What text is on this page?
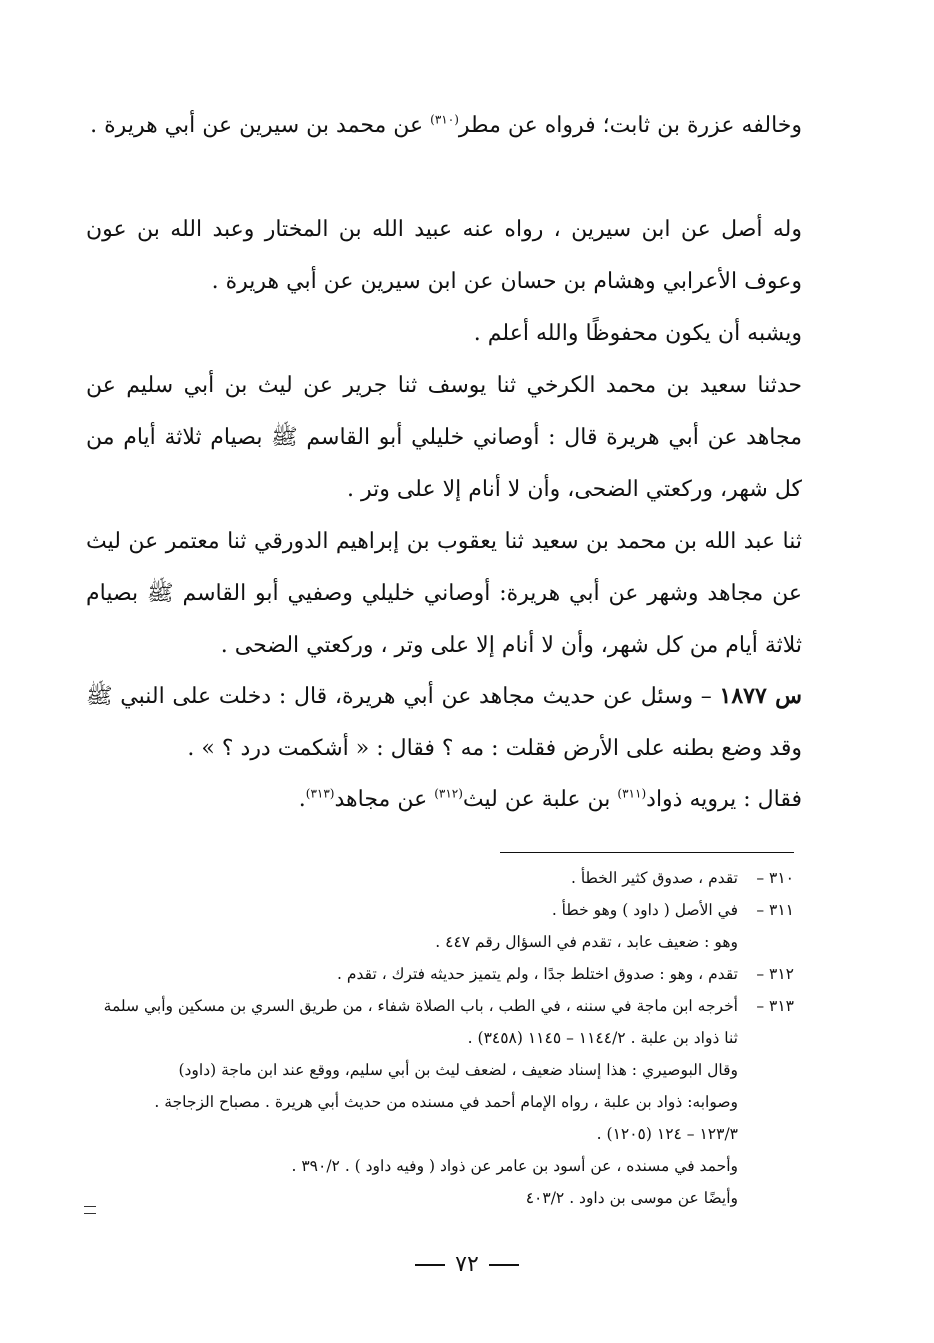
وخالفه عزرة بن ثابت؛ فرواه عن مطر$^{(٣١٠)}$ عن محمد بن سيرين عن أبي هريرة .
وله أصل عن ابن سيرين ، رواه عنه عبيد الله بن المختار وعبد الله بن عون وعوف الأعرابي وهشام بن حسان عن ابن سيرين عن أبي هريرة .
ويشبه أن يكون محفوظًا والله أعلم .
حدثنا سعيد بن محمد الكرخي ثنا يوسف ثنا جرير عن ليث بن أبي سليم عن مجاهد عن أبي هريرة قال : أوصاني خليلي أبو القاسم ﷺ بصيام ثلاثة أيام من كل شهر، وركعتي الضحى، وأن لا أنام إلا على وتر .
ثنا عبد الله بن محمد بن سعيد ثنا يعقوب بن إبراهيم الدورقي ثنا معتمر عن ليث عن مجاهد وشهر عن أبي هريرة: أوصاني خليلي وصفيي أبو القاسم ﷺ بصيام ثلاثة أيام من كل شهر، وأن لا أنام إلا على وتر ، وركعتي الضحى .
س ١٨٧٧ – وسئل عن حديث مجاهد عن أبي هريرة، قال : دخلت على النبي ﷺ وقد وضع بطنه على الأرض فقلت : مه ؟ فقال : « أشكمت درد ؟ » .
فقال : يرويه ذواد$^{(٣١١)}$ بن علبة عن ليث$^{(٣١٢)}$ عن مجاهد$^{(٣١٣)}$.
٣١٠ –
تقدم ، صدوق كثير الخطأ .
٣١١ –
في الأصل ( داود ) وهو خطأ .
وهو : ضعيف عابد ، تقدم في السؤال رقم ٤٤٧ .
٣١٢ –
تقدم ، وهو : صدوق اختلط جدًا ، ولم يتميز حديثه فترك ، تقدم .
٣١٣ –
أخرجه ابن ماجة في سننه ، في الطب ، باب الصلاة شفاء ، من طريق السري بن مسكين وأبي سلمة
ثنا ذواد بن علبة . ١١٤٤/٢ – ١١٤٥ (٣٤٥٨) .
وقال البوصيري : هذا إسناد ضعيف ، لضعف ليث بن أبي سليم، ووقع عند ابن ماجة (داود)
وصوابه: ذواد بن علبة ، رواه الإمام أحمد في مسنده من حديث أبي هريرة . مصباح الزجاجة .
١٢٣/٣ – ١٢٤ (١٢٠٥) .
وأحمد في مسنده ، عن أسود بن عامر عن ذواد ( وفيه داود ) . ٣٩٠/٢ .
وأيضًا عن موسى بن داود . ٤٠٣/٢
٧٢
